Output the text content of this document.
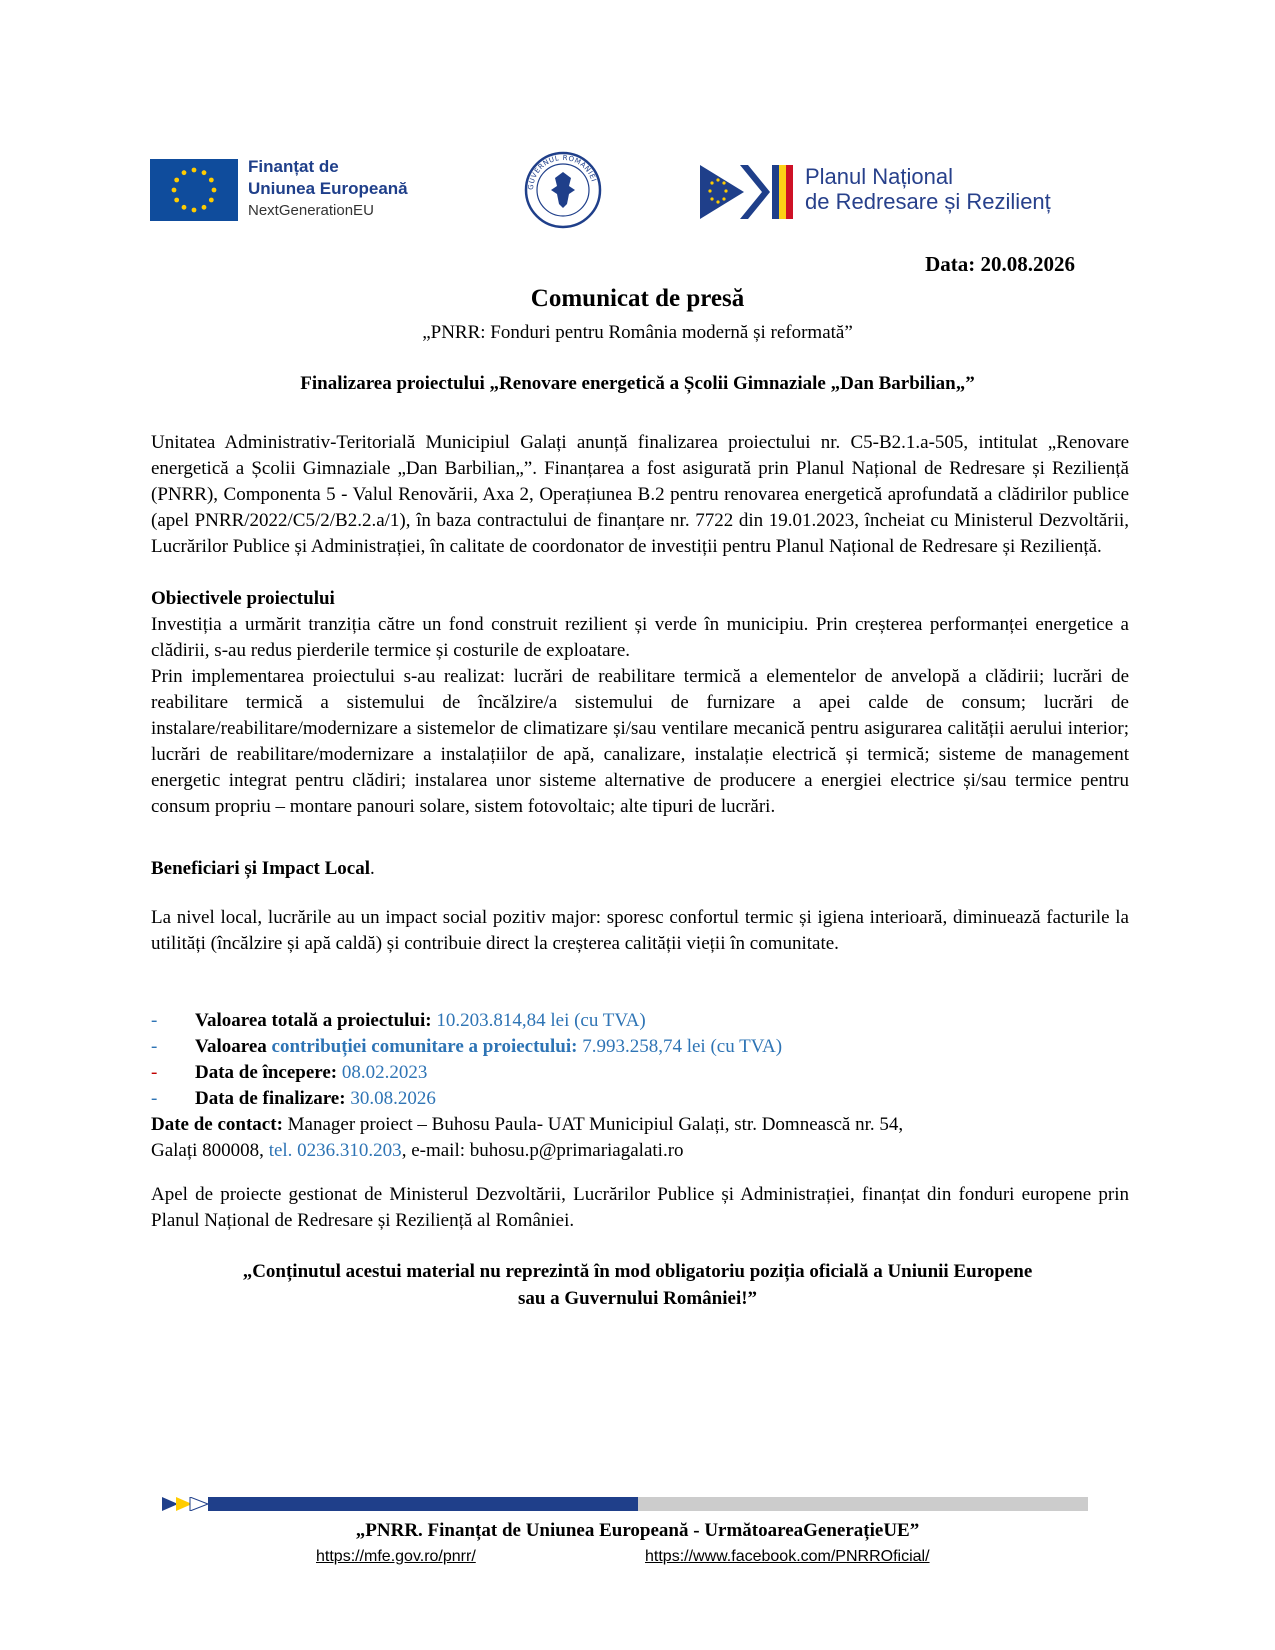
Finanțat de
Uniunea Europeană
NextGenerationEU
GUVERNUL ROMÂNIEI	Planul Național
de Redresare și Rezilienț
Data: 20.08.2026
Comunicat de presă
„PNRR: Fonduri pentru România modernă și reformată”
Finalizarea proiectului „Renovare energetică a Școlii Gimnaziale „Dan Barbilian„”

Unitatea Administrativ-Teritorială Municipiul Galați anunță finalizarea proiectului nr. C5-B2.1.a-505, intitulat „Renovare energetică a Școlii Gimnaziale „Dan Barbilian„”. Finanțarea a fost asigurată prin Planul Național de Redresare și Reziliență (PNRR), Componenta 5 - Valul Renovării, Axa 2, Operațiunea B.2 pentru renovarea energetică aprofundată a clădirilor publice (apel PNRR/2022/C5/2/B2.2.a/1), în baza contractului de finanțare nr. 7722 din 19.01.2023, încheiat cu Ministerul Dezvoltării, Lucrărilor Publice și Administrației, în calitate de coordonator de investiții pentru Planul Național de Redresare și Reziliență.

Obiectivele proiectului

Investiția a urmărit tranziția către un fond construit rezilient și verde în municipiu. Prin creșterea performanței energetice a clădirii, s-au redus pierderile termice și costurile de exploatare.

Prin implementarea proiectului s-au realizat: lucrări de reabilitare termică a elementelor de anvelopă a clădirii; lucrări de reabilitare termică a sistemului de încălzire/a sistemului de furnizare a apei calde de consum; lucrări de instalare/reabilitare/modernizare a sistemelor de climatizare și/sau ventilare mecanică pentru asigurarea calității aerului interior; lucrări de reabilitare/modernizare a instalațiilor de apă, canalizare, instalație electrică și termică; sisteme de management energetic integrat pentru clădiri; instalarea unor sisteme alternative de producere a energiei electrice și/sau termice pentru consum propriu – montare panouri solare, sistem fotovoltaic; alte tipuri de lucrări.

Beneficiari și Impact Local.

La nivel local, lucrările au un impact social pozitiv major: sporesc confortul termic și igiena interioară, diminuează facturile la utilități (încălzire și apă caldă) și contribuie direct la creșterea calității vieții în comunitate.

-	Valoarea totală a proiectului: 10.203.814,84 lei (cu TVA)
-	Valoarea contribuției comunitare a proiectului: 7.993.258,74 lei (cu TVA)
-	Data de începere: 08.02.2023
-	Data de finalizare: 30.08.2026

Date de contact: Manager proiect – Buhosu Paula- UAT Municipiul Galați, str. Domnească nr. 54,

Galați 800008, tel. 0236.310.203, e-mail: buhosu.p@primariagalati.ro

Apel de proiecte gestionat de Ministerul Dezvoltării, Lucrărilor Publice și Administrației, finanțat din fonduri europene prin Planul Național de Redresare și Reziliență al României.

„Conținutul acestui material nu reprezintă în mod obligatoriu poziția oficială a Uniunii Europene
sau a Guvernului României!”
„PNRR. Finanțat de Uniunea Europeană - UrmătoareaGenerațieUE”
https://mfe.gov.ro/pnrr/	https://www.facebook.com/PNRROficial/
